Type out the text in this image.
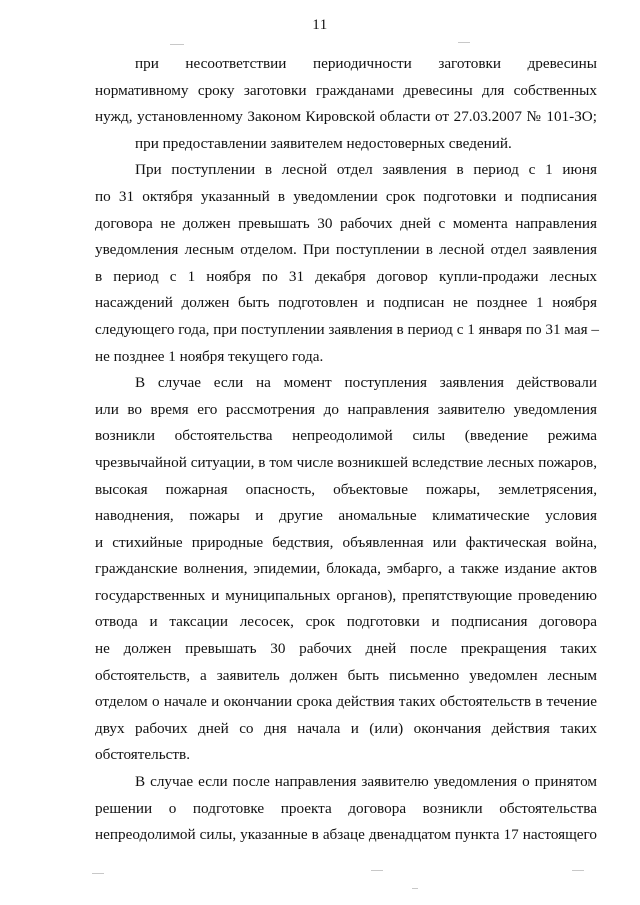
11
при несоответствии периодичности заготовки древесины
нормативному сроку заготовки гражданами древесины для собственных
нужд, установленному Законом Кировской области от 27.03.2007 № 101-ЗО;
при предоставлении заявителем недостоверных сведений.
При поступлении в лесной отдел заявления в период с 1 июня
по 31 октября указанный в уведомлении срок подготовки и подписания
договора не должен превышать 30 рабочих дней с момента направления
уведомления лесным отделом. При поступлении в лесной отдел заявления
в период с 1 ноября по 31 декабря договор купли-продажи лесных
насаждений должен быть подготовлен и подписан не позднее 1 ноября
следующего года, при поступлении заявления в период с 1 января по 31 мая –
не позднее 1 ноября текущего года.
В случае если на момент поступления заявления действовали
или во время его рассмотрения до направления заявителю уведомления
возникли обстоятельства непреодолимой силы (введение режима
чрезвычайной ситуации, в том числе возникшей вследствие лесных пожаров,
высокая пожарная опасность, объектовые пожары, землетрясения,
наводнения, пожары и другие аномальные климатические условия
и стихийные природные бедствия, объявленная или фактическая война,
гражданские волнения, эпидемии, блокада, эмбарго, а также издание актов
государственных и муниципальных органов), препятствующие проведению
отвода и таксации лесосек, срок подготовки и подписания договора
не должен превышать 30 рабочих дней после прекращения таких
обстоятельств, а заявитель должен быть письменно уведомлен лесным
отделом о начале и окончании срока действия таких обстоятельств в течение
двух рабочих дней со дня начала и (или) окончания действия таких
обстоятельств.
В случае если после направления заявителю уведомления о принятом
решении о подготовке проекта договора возникли обстоятельства
непреодолимой силы, указанные в абзаце двенадцатом пункта 17 настоящего
